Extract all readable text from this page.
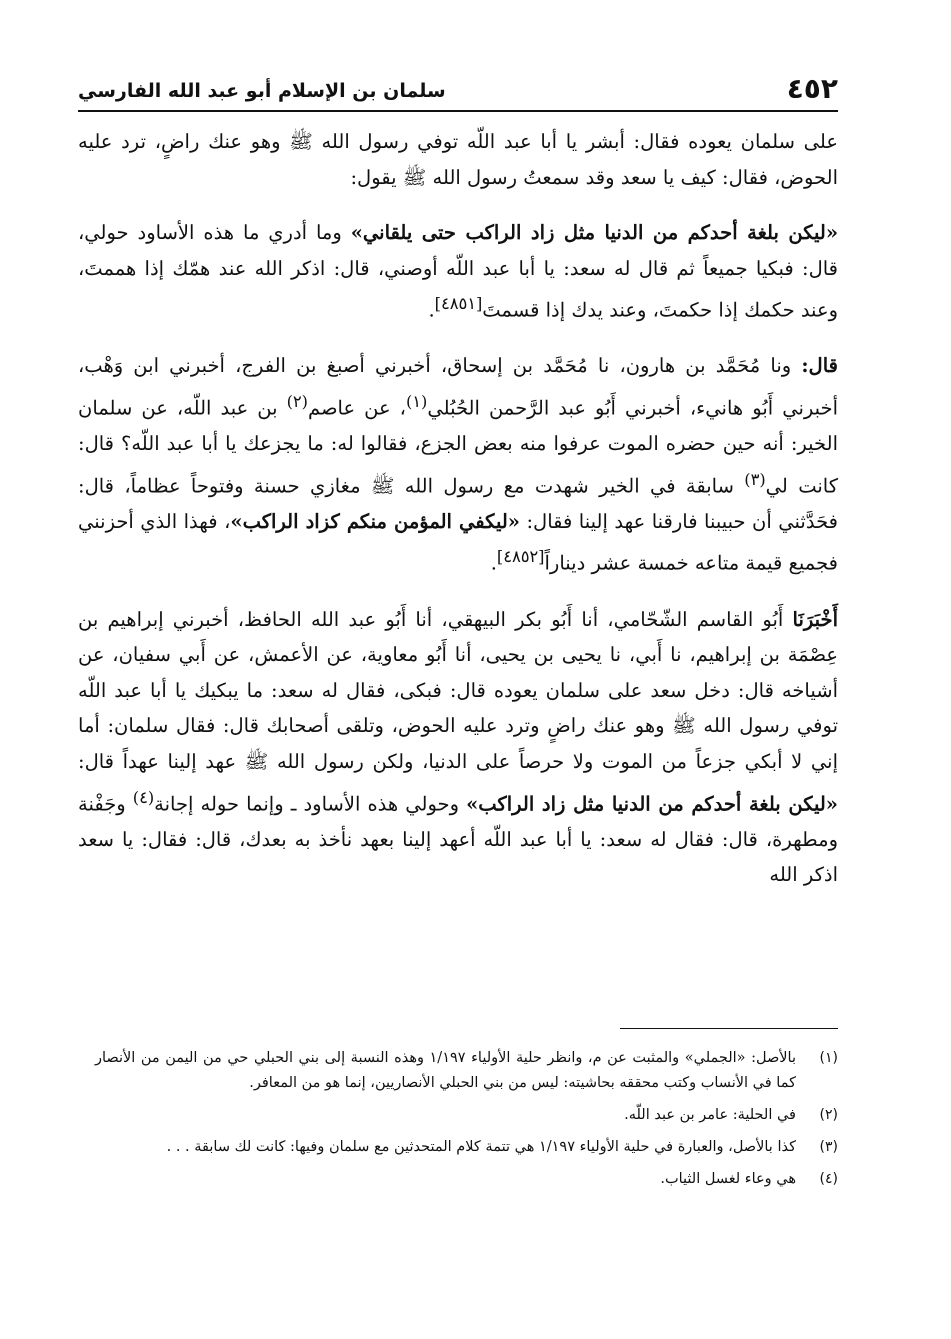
٤٥٢
سلمان بن الإسلام أبو عبد الله الفارسي

على سلمان يعوده فقال: أبشر يا أبا عبد اللّه توفي رسول الله ﷺ وهو عنك راضٍ، ترد عليه الحوض، فقال: كيف يا سعد وقد سمعتُ رسول الله ﷺ يقول:

«ليكن بلغة أحدكم من الدنيا مثل زاد الراكب حتى يلقاني» وما أدري ما هذه الأساود حولي، قال: فبكيا جميعاً ثم قال له سعد: يا أبا عبد اللّه أوصني، قال: اذكر الله عند همّك إذا هممتَ، وعند حكمك إذا حكمتَ، وعند يدك إذا قسمتَ[٤٨٥١].

قال: ونا مُحَمَّد بن هارون، نا مُحَمَّد بن إسحاق، أخبرني أصبغ بن الفرج، أخبرني ابن وَهْب، أخبرني أَبُو هانيء، أخبرني أَبُو عبد الرَّحمن الحُبُلي$^{(١)}$، عن عاصم$^{(٢)}$ بن عبد اللّه، عن سلمان الخير: أنه حين حضره الموت عرفوا منه بعض الجزع، فقالوا له: ما يجزعك يا أبا عبد اللّه؟ قال: كانت لي$^{(٣)}$ سابقة في الخير شهدت مع رسول الله ﷺ مغازي حسنة وفتوحاً عظاماً، قال: فحَدَّثني أن حبيبنا فارقنا عهد إلينا فقال: «ليكفي المؤمن منكم كزاد الراكب»، فهذا الذي أحزنني فجميع قيمة متاعه خمسة عشر ديناراً[٤٨٥٢].

أَخْبَرَنَا أَبُو القاسم الشّحّامي، أنا أَبُو بكر البيهقي، أنا أَبُو عبد الله الحافظ، أخبرني إبراهيم بن عِصْمَة بن إبراهيم، نا أَبي، نا يحيى بن يحيى، أنا أَبُو معاوية، عن الأعمش، عن أَبي سفيان، عن أشياخه قال: دخل سعد على سلمان يعوده قال: فبكى، فقال له سعد: ما يبكيك يا أبا عبد اللّه توفي رسول الله ﷺ وهو عنك راضٍ وترد عليه الحوض، وتلقى أصحابك قال: فقال سلمان: أما إني لا أبكي جزعاً من الموت ولا حرصاً على الدنيا، ولكن رسول الله ﷺ عهد إلينا عهداً قال: «ليكن بلغة أحدكم من الدنيا مثل زاد الراكب» وحولي هذه الأساود ـ وإنما حوله إجانة$^{(٤)}$ وجَفْنة ومطهرة، قال: فقال له سعد: يا أبا عبد اللّه أعهد إلينا بعهد نأخذ به بعدك، قال: فقال: يا سعد اذكر الله

(١)
بالأصل: «الجملي» والمثبت عن م، وانظر حلية الأولياء ١/١٩٧ وهذه النسبة إلى بني الحبلي حي من اليمن من الأنصار كما في الأنساب وكتب محققه بحاشيته: ليس من بني الحبلي الأنصاريين، إنما هو من المعافر.
(٢)
في الحلية: عامر بن عبد اللّه.
(٣)
كذا بالأصل، والعبارة في حلية الأولياء ١/١٩٧ هي تتمة كلام المتحدثين مع سلمان وفيها: كانت لك سابقة . . .
(٤)
هي وعاء لغسل الثياب.
